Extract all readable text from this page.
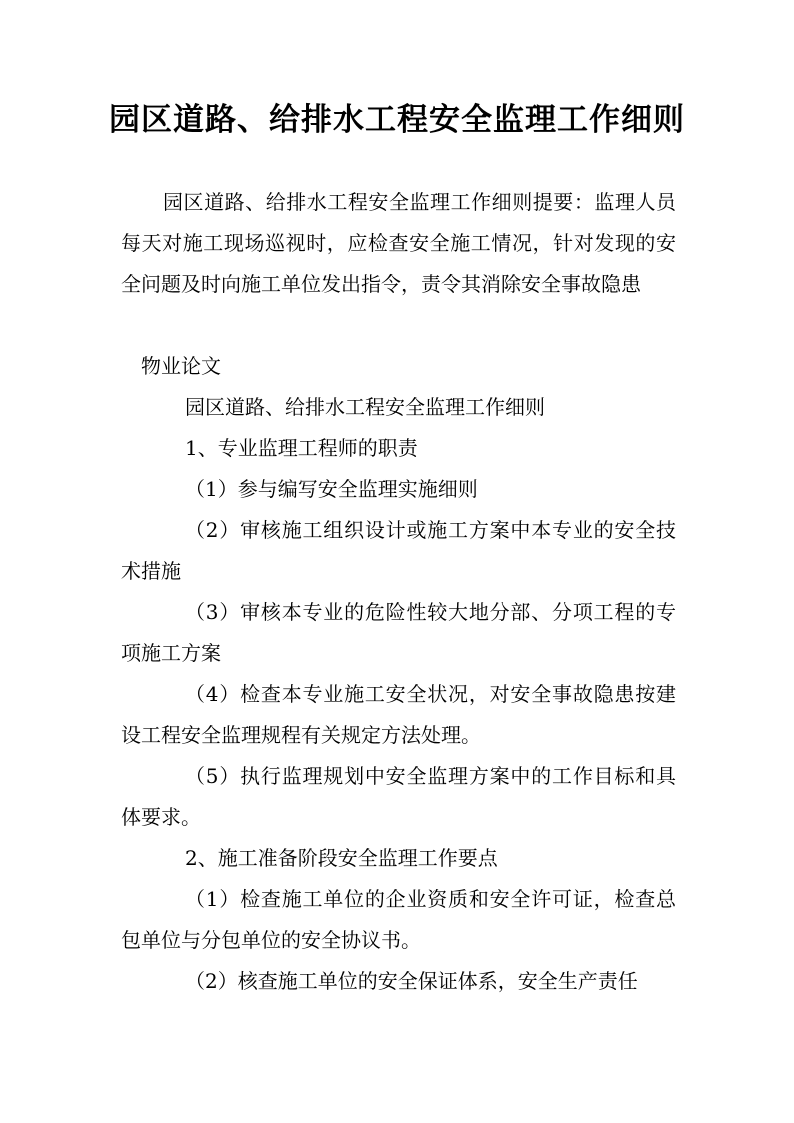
园区道路、给排水工程安全监理工作细则
园区道路、给排水工程安全监理工作细则提要：监理人员每天对施工现场巡视时，应检查安全施工情况，针对发现的安全问题及时向施工单位发出指令，责令其消除安全事故隐患
物业论文
园区道路、给排水工程安全监理工作细则
1、专业监理工程师的职责
（1）参与编写安全监理实施细则
（2）审核施工组织设计或施工方案中本专业的安全技术措施
（3）审核本专业的危险性较大地分部、分项工程的专项施工方案
（4）检查本专业施工安全状况，对安全事故隐患按建设工程安全监理规程有关规定方法处理。
（5）执行监理规划中安全监理方案中的工作目标和具体要求。
2、施工准备阶段安全监理工作要点
（1）检查施工单位的企业资质和安全许可证，检查总包单位与分包单位的安全协议书。
（2）核查施工单位的安全保证体系，安全生产责任
